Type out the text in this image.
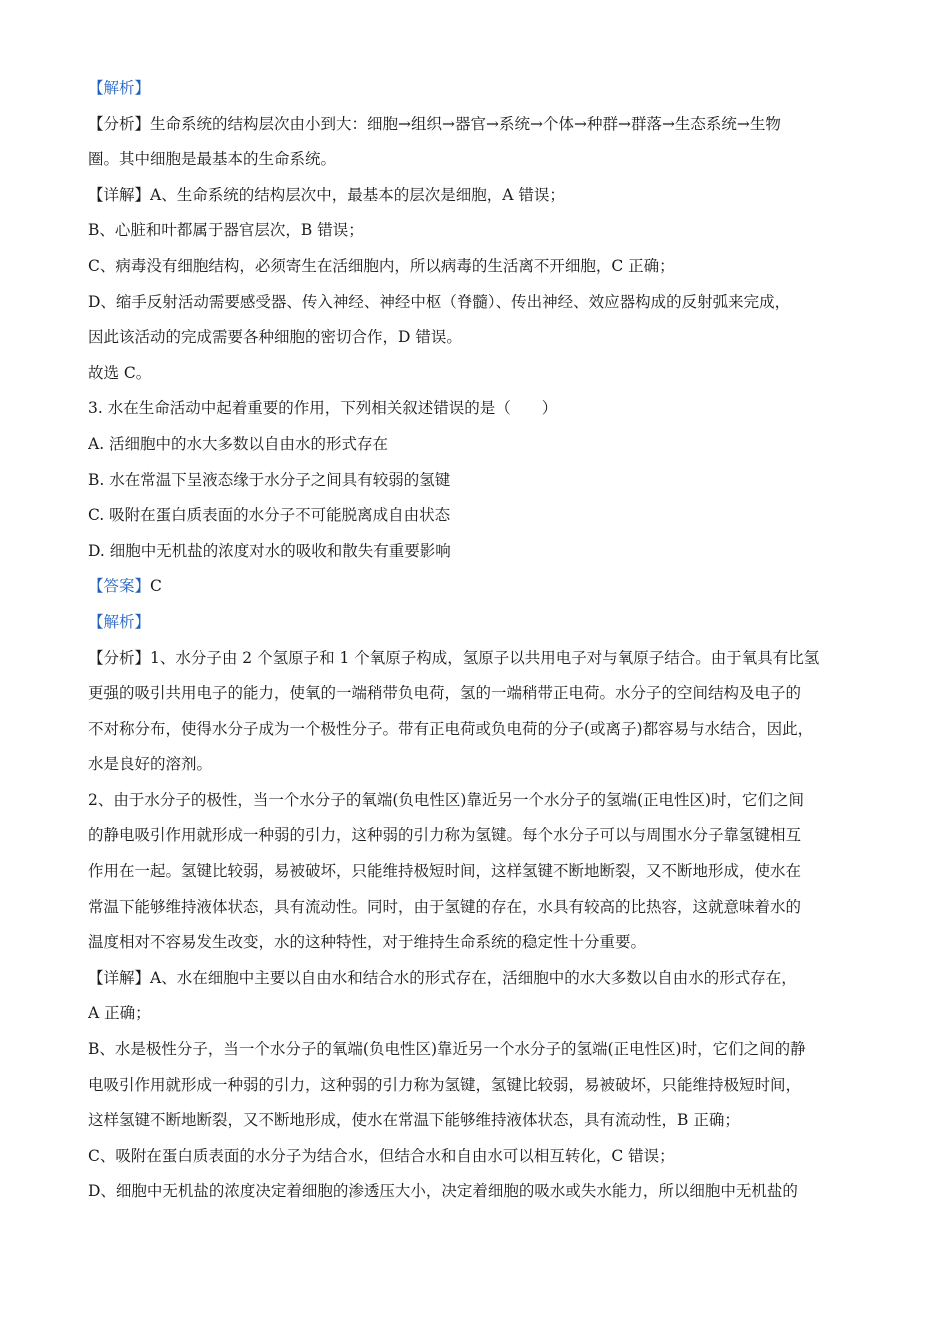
【解析】
【分析】生命系统的结构层次由小到大：细胞→组织→器官→系统→个体→种群→群落→生态系统→生物
圈。其中细胞是最基本的生命系统。
【详解】A、生命系统的结构层次中，最基本的层次是细胞，A 错误；
B、心脏和叶都属于器官层次，B 错误；
C、病毒没有细胞结构，必须寄生在活细胞内，所以病毒的生活离不开细胞，C 正确；
D、缩手反射活动需要感受器、传入神经、神经中枢（脊髓）、传出神经、效应器构成的反射弧来完成，
因此该活动的完成需要各种细胞的密切合作，D 错误。
故选 C。
3. 水在生命活动中起着重要的作用，下列相关叙述错误的是（　　）
A. 活细胞中的水大多数以自由水的形式存在
B. 水在常温下呈液态缘于水分子之间具有较弱的氢键
C. 吸附在蛋白质表面的水分子不可能脱离成自由状态
D. 细胞中无机盐的浓度对水的吸收和散失有重要影响
【答案】C
【解析】
【分析】1、水分子由 2 个氢原子和 1 个氧原子构成，氢原子以共用电子对与氧原子结合。由于氧具有比氢
更强的吸引共用电子的能力，使氧的一端稍带负电荷，氢的一端稍带正电荷。水分子的空间结构及电子的
不对称分布，使得水分子成为一个极性分子。带有正电荷或负电荷的分子(或离子)都容易与水结合，因此，
水是良好的溶剂。
2、由于水分子的极性，当一个水分子的氧端(负电性区)靠近另一个水分子的氢端(正电性区)时，它们之间
的静电吸引作用就形成一种弱的引力，这种弱的引力称为氢键。每个水分子可以与周围水分子靠氢键相互
作用在一起。氢键比较弱，易被破坏，只能维持极短时间，这样氢键不断地断裂，又不断地形成，使水在
常温下能够维持液体状态，具有流动性。同时，由于氢键的存在，水具有较高的比热容，这就意味着水的
温度相对不容易发生改变，水的这种特性，对于维持生命系统的稳定性十分重要。
【详解】A、水在细胞中主要以自由水和结合水的形式存在，活细胞中的水大多数以自由水的形式存在，
A 正确；
B、水是极性分子，当一个水分子的氧端(负电性区)靠近另一个水分子的氢端(正电性区)时，它们之间的静
电吸引作用就形成一种弱的引力，这种弱的引力称为氢键，氢键比较弱，易被破坏，只能维持极短时间，
这样氢键不断地断裂，又不断地形成，使水在常温下能够维持液体状态，具有流动性，B 正确；
C、吸附在蛋白质表面的水分子为结合水，但结合水和自由水可以相互转化，C 错误；
D、细胞中无机盐的浓度决定着细胞的渗透压大小，决定着细胞的吸水或失水能力，所以细胞中无机盐的
